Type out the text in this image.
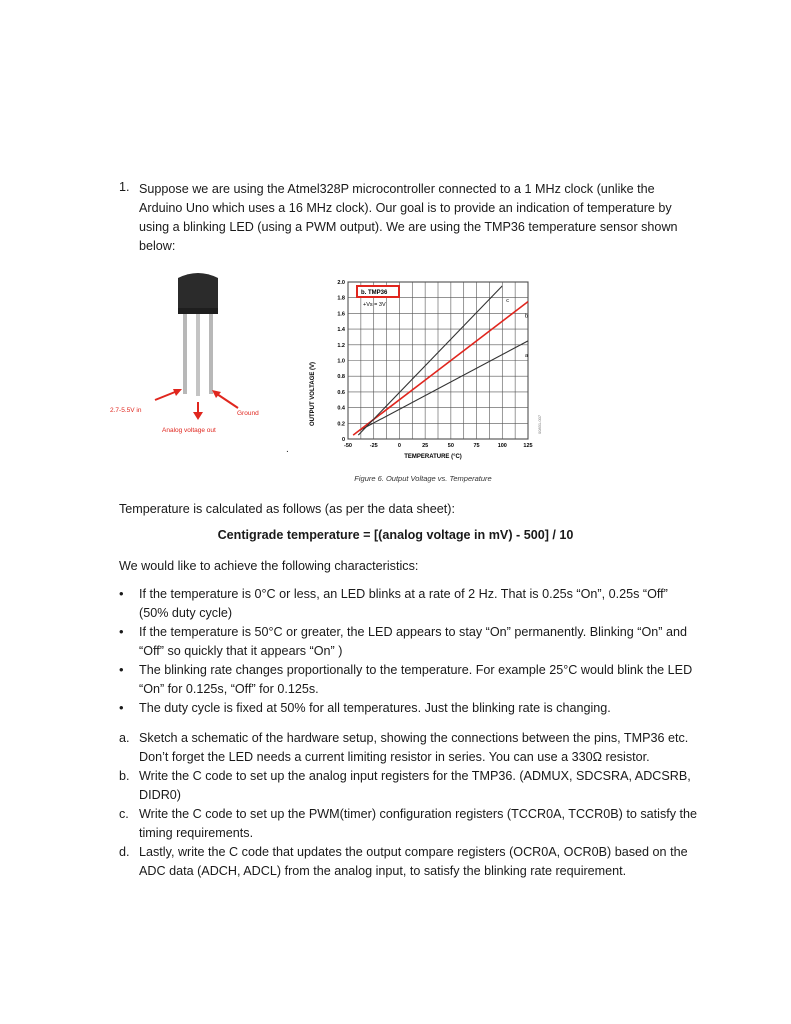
1. Suppose we are using the Atmel328P microcontroller connected to a 1 MHz clock (unlike the Arduino Uno which uses a 16 MHz clock). Our goal is to provide an indication of temperature by using a blinking LED (using a PWM output). We are using the TMP36 temperature sensor shown below:
2.7-5.5V in	Ground
Analog voltage out
.
a
b
c
-50	-25	0	25	50	75	100	125
0
0.2
0.4
0.6
0.8
1.0
1.2
1.4
1.6
1.8
2.0
OUTPUT VOLTAGE (V)
TEMPERATURE (°C)
b. TMP36
+Vs = 3V
00831-007
Figure 6. Output Voltage vs. Temperature
Temperature is calculated as follows (as per the data sheet):
Centigrade temperature = [(analog voltage in mV) - 500] / 10
We would like to achieve the following characteristics:
• If the temperature is 0°C or less, an LED blinks at a rate of 2 Hz. That is 0.25s “On”, 0.25s “Off” (50% duty cycle)
• If the temperature is 50°C or greater, the LED appears to stay “On” permanently. Blinking “On” and “Off” so quickly that it appears “On” )
• The blinking rate changes proportionally to the temperature. For example 25°C would blink the LED “On” for 0.125s, “Off” for 0.125s.
• The duty cycle is fixed at 50% for all temperatures. Just the blinking rate is changing.
a. Sketch a schematic of the hardware setup, showing the connections between the pins, TMP36 etc. Don’t forget the LED needs a current limiting resistor in series. You can use a 330Ω resistor.
b. Write the C code to set up the analog input registers for the TMP36. (ADMUX, SDCSRA, ADCSRB, DIDR0)
c. Write the C code to set up the PWM(timer) configuration registers (TCCR0A, TCCR0B) to satisfy the timing requirements.
d. Lastly, write the C code that updates the output compare registers (OCR0A, OCR0B) based on the ADC data (ADCH, ADCL) from the analog input, to satisfy the blinking rate requirement.
